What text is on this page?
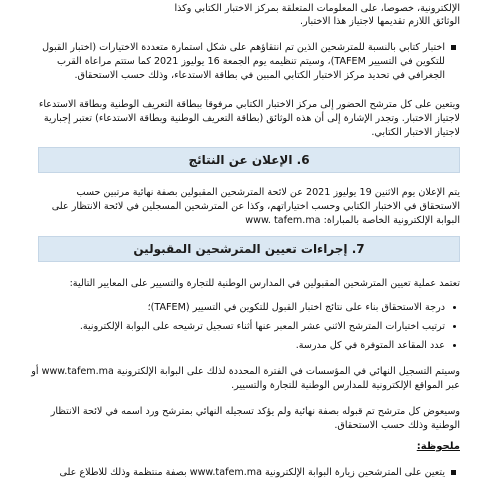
الإلكترونية، خصوصا، على المعلومات المتعلقة بمركز الاختبار الكتابي وكذا
الوثائق اللازم تقديمها لاجتياز هذا الاختبار.
اختبار كتابي بالنسبة للمترشحين الذين تم انتقاؤهم على شكل استمارة متعددة الاختيارات (اختبار القبول
للتكوين في التسيير TAFEM)، وسيتم تنظيمه يوم الجمعة 16 يوليوز 2021 كما ستتم مراعاة القرب
الجغرافي في تحديد مركز الاختبار الكتابي المبين في بطاقة الاستدعاء، وذلك حسب الاستحقاق.
ويتعين على كل مترشح الحضور إلى مركز الاختبار الكتابي مرفوقا ببطاقة التعريف الوطنية وبطاقة الاستدعاء
لاجتياز الاختبار. وتجدر الإشارة إلى أن هذه الوثائق (بطاقة التعريف الوطنية وبطاقة الاستدعاء) تعتبر إجبارية
لاجتياز الاختبار الكتابي.
6. الإعلان عن النتائج
يتم الإعلان يوم الاثنين 19 يوليوز 2021 عن لائحة المترشحين المقبولين بصفة نهائية مرتبين حسب
الاستحقاق في الاختبار الكتابي وحسب اختياراتهم، وكذا عن المترشحين المسجلين في لائحة الانتظار على
البوابة الإلكترونية الخاصة بالمباراة: www. tafem.ma
7. إجراءات تعيين المترشحين المقبولين
تعتمد عملية تعيين المترشحين المقبولين في المدارس الوطنية للتجارة والتسيير على المعايير التالية:
درجة الاستحقاق بناء على نتائج اختبار القبول للتكوين في التسيير (TAFEM)؛
ترتيب اختيارات المترشح الاثني عشر المعبر عنها أثناء تسجيل ترشيحه على البوابة الإلكترونية.
عدد المقاعد المتوفرة في كل مدرسة.
وسيتم التسجيل النهائي في المؤسسات في الفترة المحددة لذلك على البوابة الإلكترونية www.tafem.ma أو
عبر المواقع الإلكترونية للمدارس الوطنية للتجارة والتسيير.
وسيعوض كل مترشح تم قبوله بصفة نهائية ولم يؤكد تسجيله النهائي بمترشح ورد اسمه في لائحة الانتظار
الوطنية وذلك حسب الاستحقاق.
ملحوظة:
يتعين على المترشحين زيارة البوابة الإلكترونية www.tafem.ma بصفة منتظمة وذلك للاطلاع على
